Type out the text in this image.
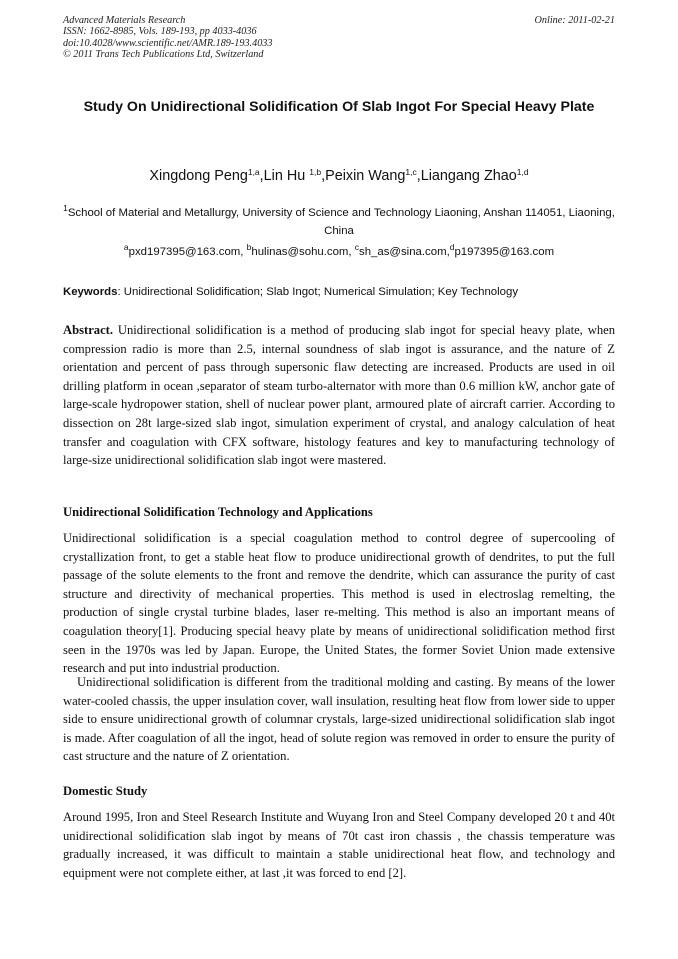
Advanced Materials Research
ISSN: 1662-8985, Vols. 189-193, pp 4033-4036
doi:10.4028/www.scientific.net/AMR.189-193.4033
© 2011 Trans Tech Publications Ltd, Switzerland
Online: 2011-02-21
Study On Unidirectional Solidification Of Slab Ingot For Special Heavy Plate
Xingdong Peng$^{1,a}$,Lin Hu $^{1,b}$,Peixin Wang$^{1,c}$,Liangang Zhao$^{1,d}$
$^1$School of Material and Metallurgy, University of Science and Technology Liaoning, Anshan 114051, Liaoning, China
$^a$pxd197395@163.com, $^b$hulinas@sohu.com, $^c$sh_as@sina.com,$^d$p197395@163.com
Keywords: Unidirectional Solidification; Slab Ingot; Numerical Simulation; Key Technology
Abstract. Unidirectional solidification is a method of producing slab ingot for special heavy plate, when compression radio is more than 2.5, internal soundness of slab ingot is assurance, and the nature of Z orientation and percent of pass through supersonic flaw detecting are increased. Products are used in oil drilling platform in ocean ,separator of steam turbo-alternator with more than 0.6 million kW, anchor gate of large-scale hydropower station, shell of nuclear power plant, armoured plate of aircraft carrier. According to dissection on 28t large-sized slab ingot, simulation experiment of crystal, and analogy calculation of heat transfer and coagulation with CFX software, histology features and key to manufacturing technology of large-size unidirectional solidification slab ingot were mastered.
Unidirectional Solidification Technology and Applications
Unidirectional solidification is a special coagulation method to control degree of supercooling of crystallization front, to get a stable heat flow to produce unidirectional growth of dendrites, to put the full passage of the solute elements to the front and remove the dendrite, which can assurance the purity of cast structure and directivity of mechanical properties. This method is used in electroslag remelting, the production of single crystal turbine blades, laser re-melting. This method is also an important means of coagulation theory[1]. Producing special heavy plate by means of unidirectional solidification method first seen in the 1970s was led by Japan. Europe, the United States, the former Soviet Union made extensive research and put into industrial production.
Unidirectional solidification is different from the traditional molding and casting. By means of the lower water-cooled chassis, the upper insulation cover, wall insulation, resulting heat flow from lower side to upper side to ensure unidirectional growth of columnar crystals, large-sized unidirectional solidification slab ingot is made. After coagulation of all the ingot, head of solute region was removed in order to ensure the purity of cast structure and the nature of Z orientation.
Domestic Study
Around 1995, Iron and Steel Research Institute and Wuyang Iron and Steel Company developed 20 t and 40t unidirectional solidification slab ingot by means of 70t cast iron chassis , the chassis temperature was gradually increased, it was difficult to maintain a stable unidirectional heat flow, and technology and equipment were not complete either, at last ,it was forced to end [2].
